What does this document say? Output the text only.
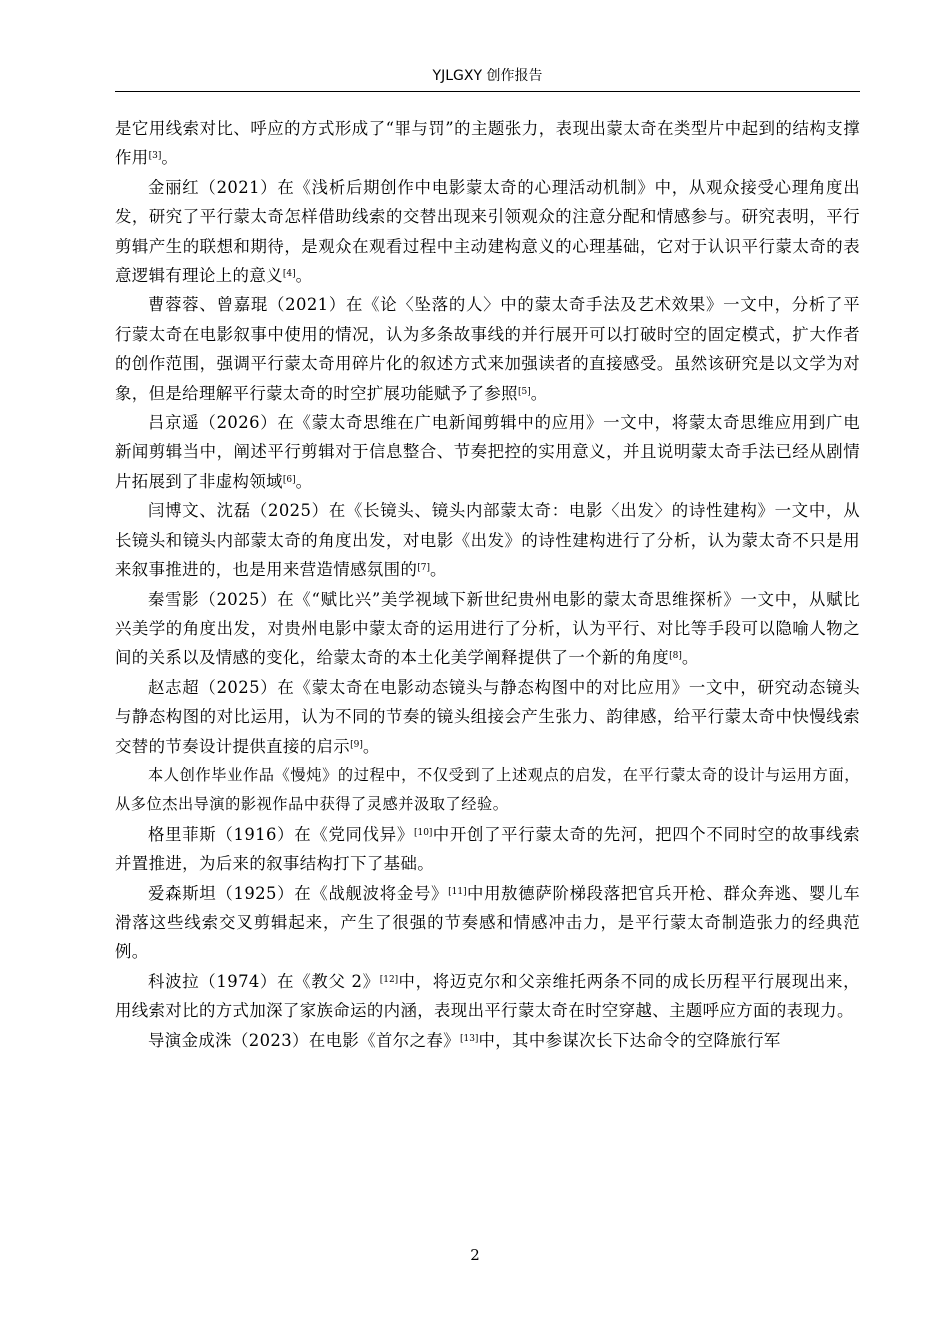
YJLGXY 创作报告

是它用线索对比、呼应的方式形成了“罪与罚”的主题张力，表现出蒙太奇在类型片中起到的结构支撑作用[3]。

金丽红（2021）在《浅析后期创作中电影蒙太奇的心理活动机制》中，从观众接受心理角度出发，研究了平行蒙太奇怎样借助线索的交替出现来引领观众的注意分配和情感参与。研究表明，平行剪辑产生的联想和期待，是观众在观看过程中主动建构意义的心理基础，它对于认识平行蒙太奇的表意逻辑有理论上的意义[4]。

曹蓉蓉、曾嘉琨（2021）在《论〈坠落的人〉中的蒙太奇手法及艺术效果》一文中，分析了平行蒙太奇在电影叙事中使用的情况，认为多条故事线的并行展开可以打破时空的固定模式，扩大作者的创作范围，强调平行蒙太奇用碎片化的叙述方式来加强读者的直接感受。虽然该研究是以文学为对象，但是给理解平行蒙太奇的时空扩展功能赋予了参照[5]。

吕京遥（2026）在《蒙太奇思维在广电新闻剪辑中的应用》一文中，将蒙太奇思维应用到广电新闻剪辑当中，阐述平行剪辑对于信息整合、节奏把控的实用意义，并且说明蒙太奇手法已经从剧情片拓展到了非虚构领域[6]。

闫博文、沈磊（2025）在《长镜头、镜头内部蒙太奇：电影〈出发〉的诗性建构》一文中，从长镜头和镜头内部蒙太奇的角度出发，对电影《出发》的诗性建构进行了分析，认为蒙太奇不只是用来叙事推进的，也是用来营造情感氛围的[7]。

秦雪影（2025）在《“赋比兴”美学视域下新世纪贵州电影的蒙太奇思维探析》一文中，从赋比兴美学的角度出发，对贵州电影中蒙太奇的运用进行了分析，认为平行、对比等手段可以隐喻人物之间的关系以及情感的变化，给蒙太奇的本土化美学阐释提供了一个新的角度[8]。

赵志超（2025）在《蒙太奇在电影动态镜头与静态构图中的对比应用》一文中，研究动态镜头与静态构图的对比运用，认为不同的节奏的镜头组接会产生张力、韵律感，给平行蒙太奇中快慢线索交替的节奏设计提供直接的启示[9]。

本人创作毕业作品《慢炖》的过程中，不仅受到了上述观点的启发，在平行蒙太奇的设计与运用方面，从多位杰出导演的影视作品中获得了灵感并汲取了经验。

格里菲斯（1916）在《党同伐异》[10]中开创了平行蒙太奇的先河，把四个不同时空的故事线索并置推进，为后来的叙事结构打下了基础。

爱森斯坦（1925）在《战舰波将金号》[11]中用敖德萨阶梯段落把官兵开枪、群众奔逃、婴儿车滑落这些线索交叉剪辑起来，产生了很强的节奏感和情感冲击力，是平行蒙太奇制造张力的经典范例。

科波拉（1974）在《教父 2》[12]中，将迈克尔和父亲维托两条不同的成长历程平行展现出来，用线索对比的方式加深了家族命运的内涵，表现出平行蒙太奇在时空穿越、主题呼应方面的表现力。

导演金成洙（2023）在电影《首尔之春》[13]中，其中参谋次长下达命令的空降旅行军

2
